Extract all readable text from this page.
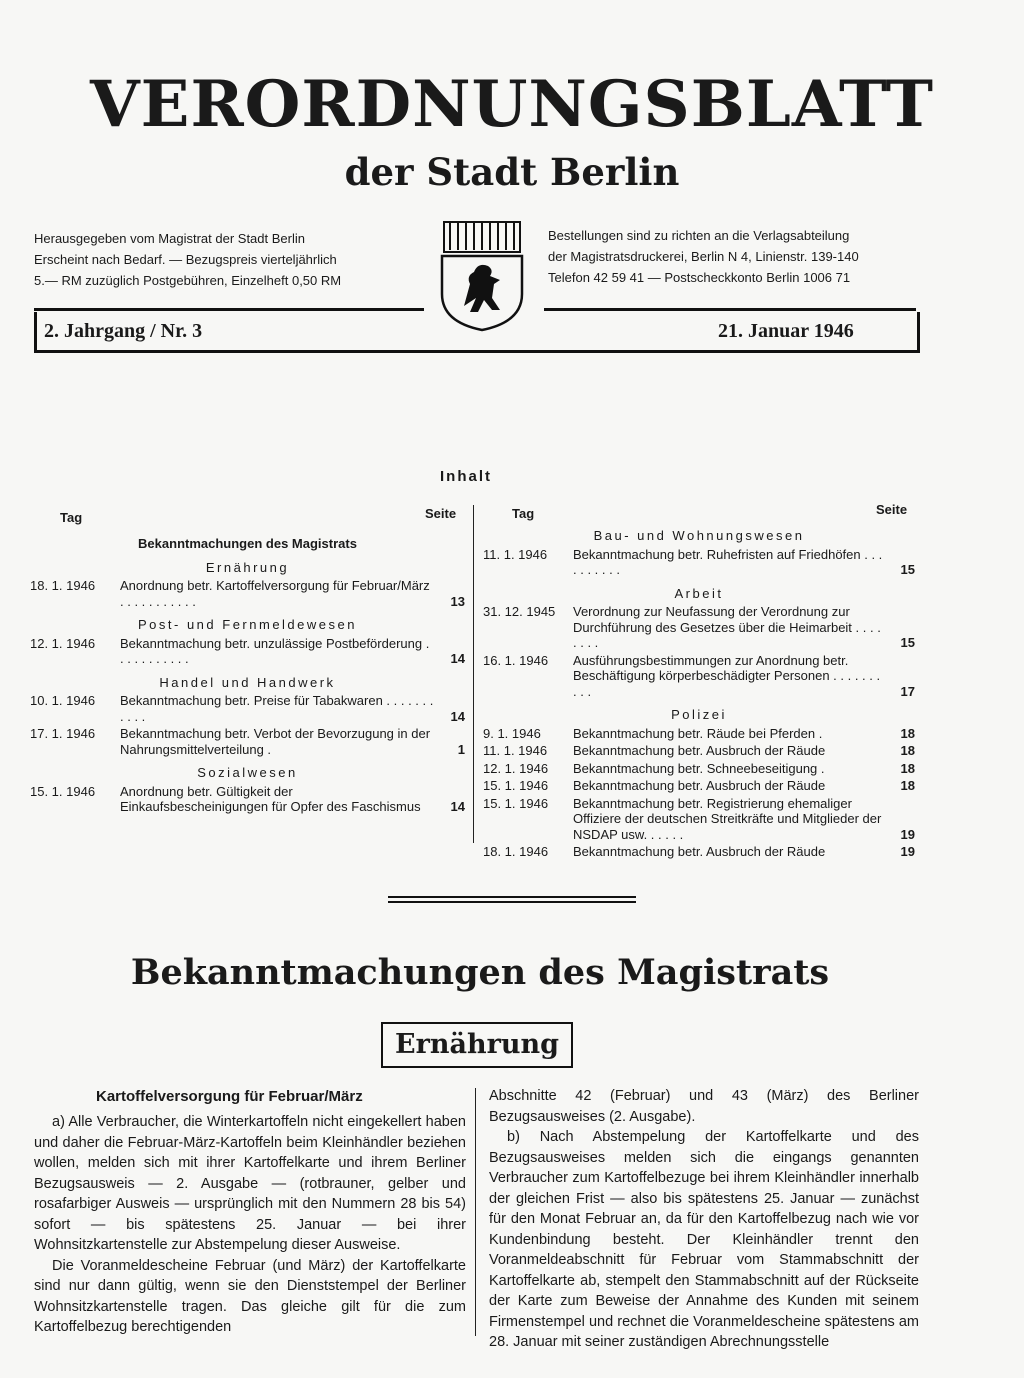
VERORDNUNGSBLATT
der Stadt Berlin
Herausgegeben vom Magistrat der Stadt Berlin
Erscheint nach Bedarf. — Bezugspreis vierteljährlich
5.— RM zuzüglich Postgebühren, Einzelheft 0,50 RM
Bestellungen sind zu richten an die Verlagsabteilung
der Magistratsdruckerei, Berlin N 4, Linienstr. 139-140
Telefon 42 59 41 — Postscheckkonto Berlin 1006 71
2. Jahrgang / Nr. 3	21. Januar 1946
Inhalt
Tag	Seite	Tag	Seite
Bekanntmachungen des Magistrats
Ernährung
18. 1. 1946	Anordnung betr. Kartoffelversorgung für Februar/März . . . . . . . . . . .	13
Post- und Fernmeldewesen
12. 1. 1946	Bekanntmachung betr. unzulässige Postbeförderung . . . . . . . . . . .	14
Handel und Handwerk
10. 1. 1946	Bekanntmachung betr. Preise für Tabakwaren . . . . . . . . . . .	14
17. 1. 1946	Bekanntmachung betr. Verbot der Bevorzugung in der Nahrungsmittelverteilung .	1
Sozialwesen
15. 1. 1946	Anordnung betr. Gültigkeit der Einkaufsbescheinigungen für Opfer des Faschismus	14
Bau- und Wohnungswesen
11. 1. 1946	Bekanntmachung betr. Ruhefristen auf Friedhöfen . . . . . . . . . .	15
Arbeit
31. 12. 1945	Verordnung zur Neufassung der Verordnung zur Durchführung des Gesetzes über die Heimarbeit . . . . . . . .	15
16. 1. 1946	Ausführungsbestimmungen zur Anordnung betr. Beschäftigung körperbeschädigter Personen . . . . . . . . . .	17
Polizei
9. 1. 1946	Bekanntmachung betr. Räude bei Pferden .	18
11. 1. 1946	Bekanntmachung betr. Ausbruch der Räude	18
12. 1. 1946	Bekanntmachung betr. Schneebeseitigung .	18
15. 1. 1946	Bekanntmachung betr. Ausbruch der Räude	18
15. 1. 1946	Bekanntmachung betr. Registrierung ehemaliger Offiziere der deutschen Streitkräfte und Mitglieder der NSDAP usw. . . . . .	19
18. 1. 1946	Bekanntmachung betr. Ausbruch der Räude	19
Bekanntmachungen des Magistrats
Ernährung
Kartoffelversorgung für Februar/März

a) Alle Verbraucher, die Winterkartoffeln nicht eingekellert haben und daher die Februar-März-Kartoffeln beim Kleinhändler beziehen wollen, melden sich mit ihrer Kartoffelkarte und ihrem Berliner Bezugsausweis — 2. Ausgabe — (rotbrauner, gelber und rosafarbiger Ausweis — ursprünglich mit den Nummern 28 bis 54) sofort — bis spätestens 25. Januar — bei ihrer Wohnsitzkartenstelle zur Abstempelung dieser Ausweise.

Die Voranmeldescheine Februar (und März) der Kartoffelkarte sind nur dann gültig, wenn sie den Dienststempel der Berliner Wohnsitzkartenstelle tragen. Das gleiche gilt für die zum Kartoffelbezug berechtigenden

Abschnitte 42 (Februar) und 43 (März) des Berliner Bezugsausweises (2. Ausgabe).

b) Nach Abstempelung der Kartoffelkarte und des Bezugsausweises melden sich die eingangs genannten Verbraucher zum Kartoffelbezuge bei ihrem Kleinhändler innerhalb der gleichen Frist — also bis spätestens 25. Januar — zunächst für den Monat Februar an, da für den Kartoffelbezug nach wie vor Kundenbindung besteht. Der Kleinhändler trennt den Voranmeldeabschnitt für Februar vom Stammabschnitt der Kartoffelkarte ab, stempelt den Stammabschnitt auf der Rückseite der Karte zum Beweise der Annahme des Kunden mit seinem Firmenstempel und rechnet die Voranmeldescheine spätestens am 28. Januar mit seiner zuständigen Abrechnungsstelle
